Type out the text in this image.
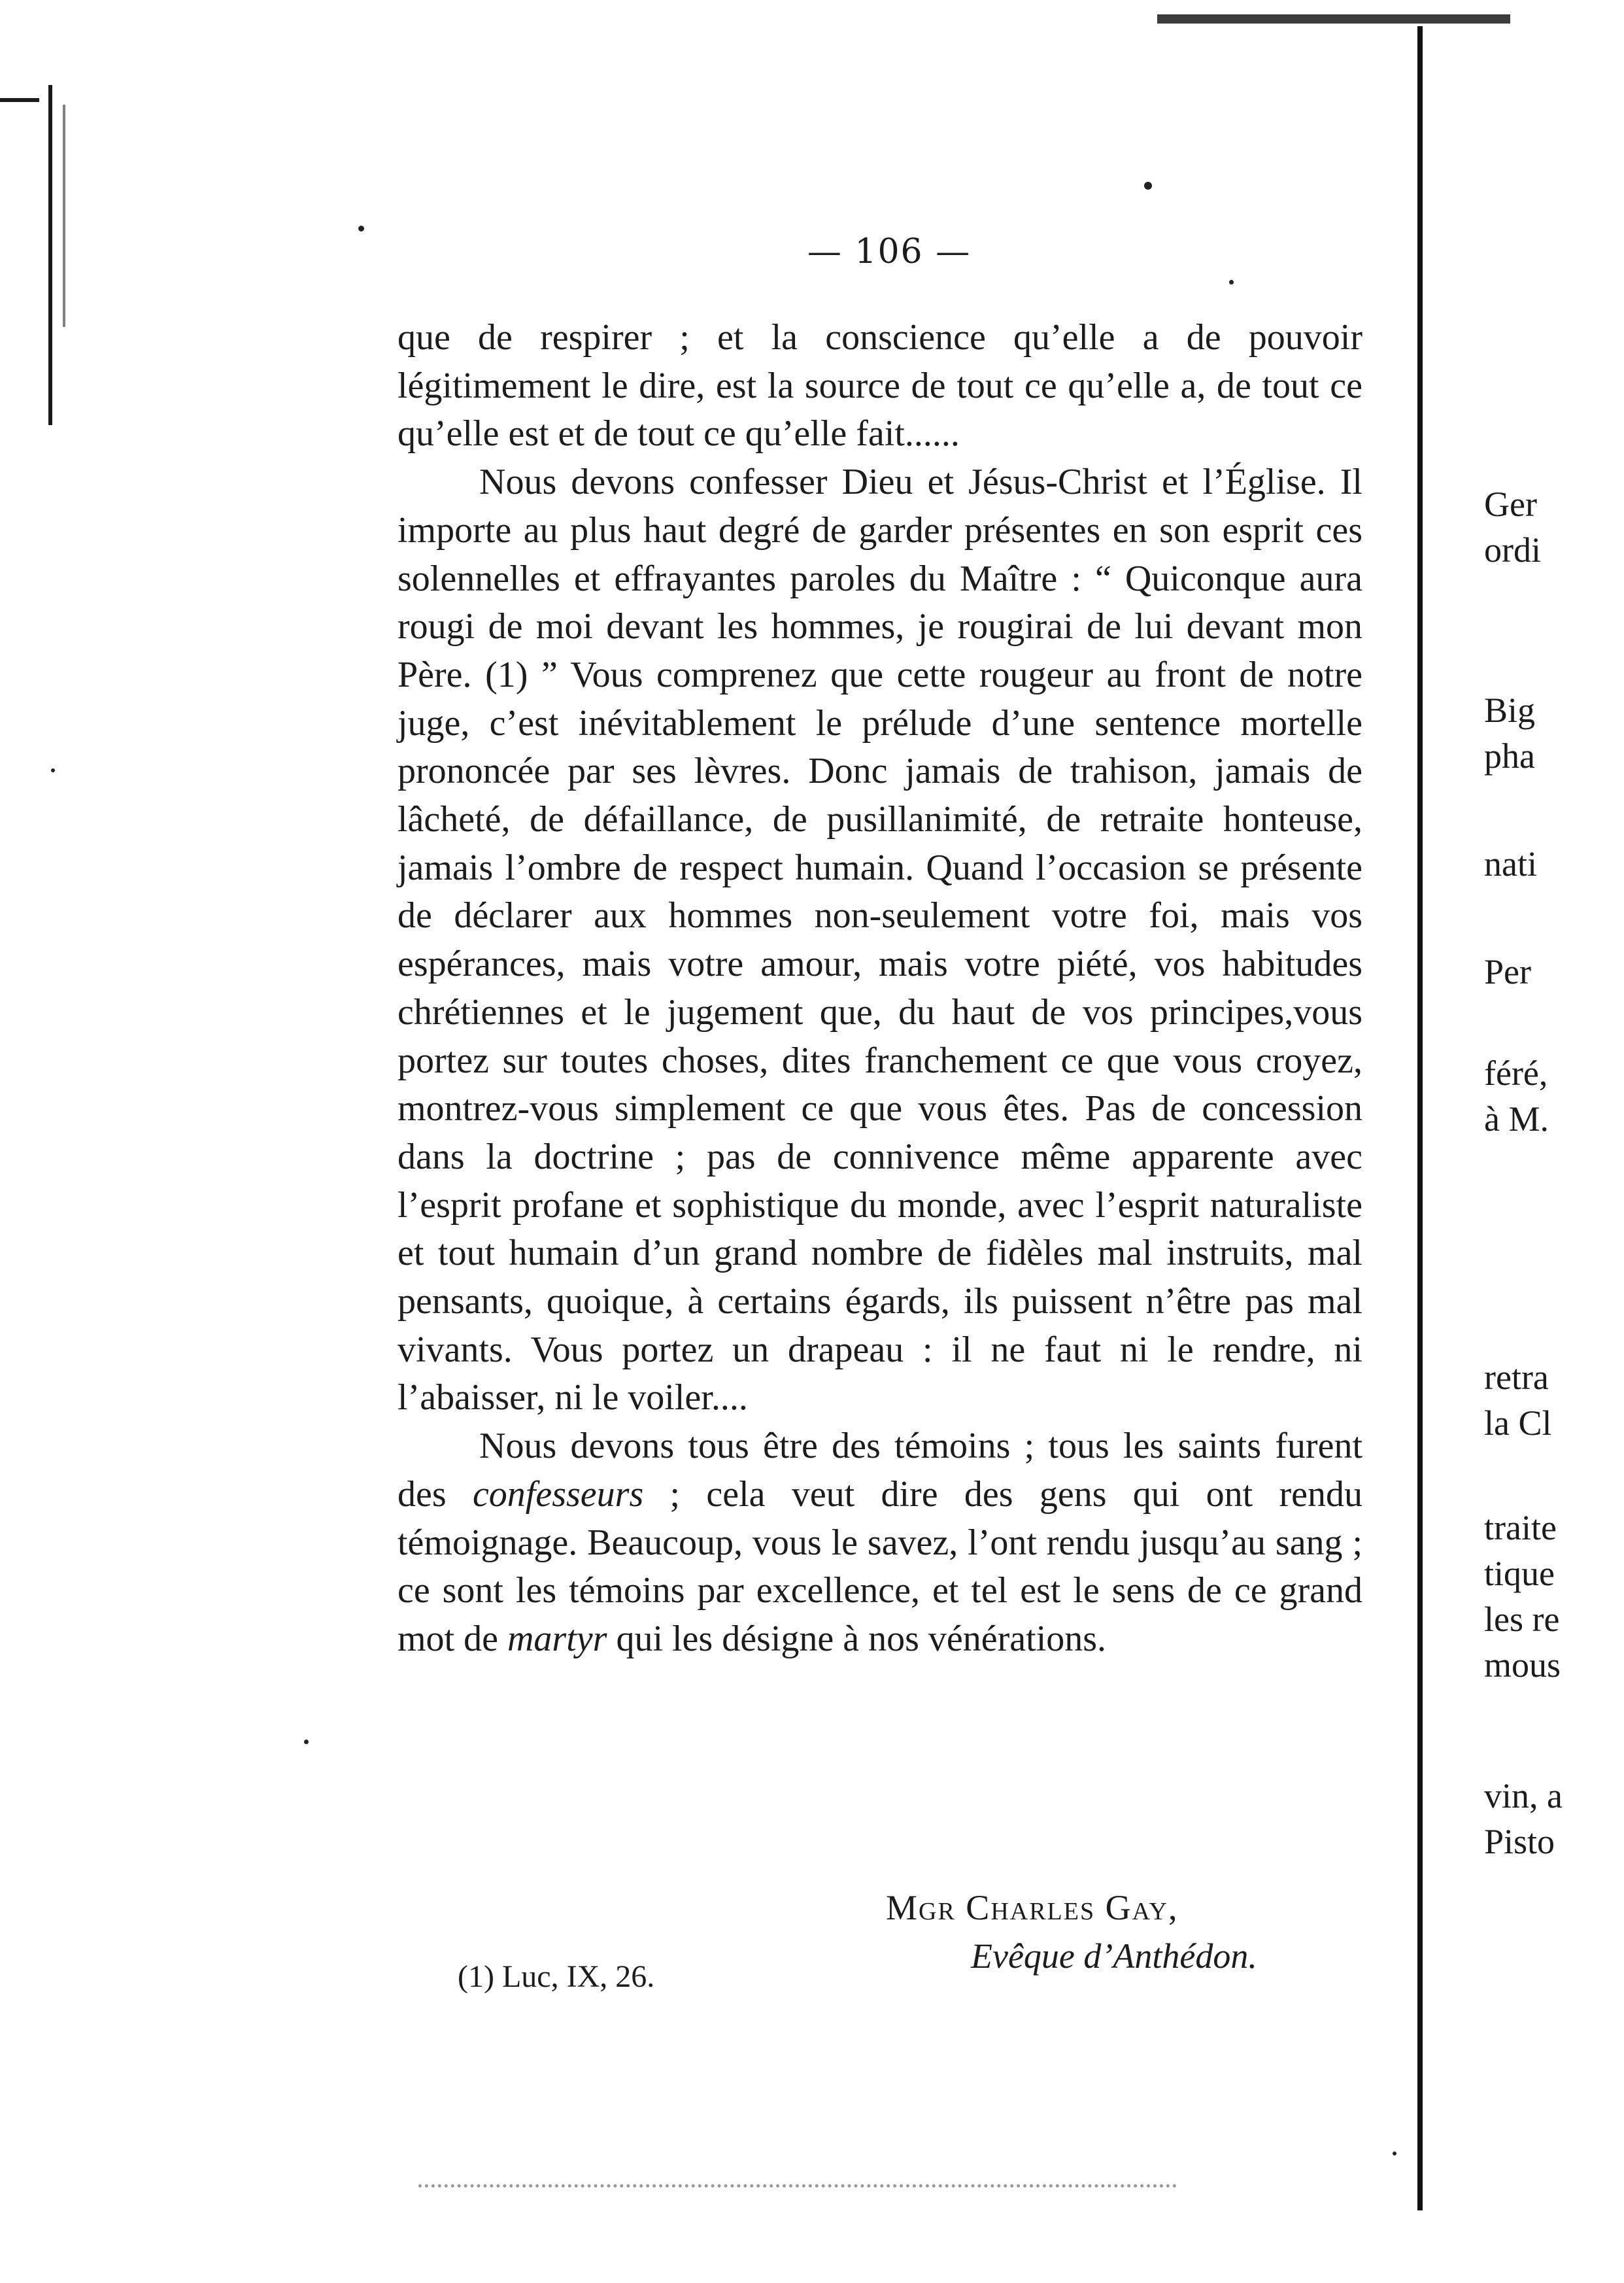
— 106 —

que de respirer ; et la conscience qu’elle a de pouvoir légitimement le dire, est la source de tout ce qu’elle a, de tout ce qu’elle est et de tout ce qu’elle fait......

Nous devons confesser Dieu et Jésus-Christ et l’Église. Il importe au plus haut degré de garder présentes en son esprit ces solennelles et effrayantes paroles du Maître : “ Quiconque aura rougi de moi devant les hommes, je rougirai de lui devant mon Père. (1) ” Vous comprenez que cette rougeur au front de notre juge, c’est inévitablement le prélude d’une sentence mortelle prononcée par ses lèvres. Donc jamais de trahison, jamais de lâcheté, de défaillance, de pusillanimité, de retraite honteuse, jamais l’ombre de respect humain. Quand l’occasion se présente de déclarer aux hommes non-seulement votre foi, mais vos espérances, mais votre amour, mais votre piété, vos habitudes chrétiennes et le jugement que, du haut de vos principes,vous portez sur toutes choses, dites franchement ce que vous croyez, montrez-vous simplement ce que vous êtes. Pas de concession dans la doctrine ; pas de connivence même apparente avec l’esprit profane et sophistique du monde, avec l’esprit naturaliste et tout humain d’un grand nombre de fidèles mal instruits, mal pensants, quoique, à certains égards, ils puissent n’être pas mal vivants. Vous portez un drapeau : il ne faut ni le rendre, ni l’abaisser, ni le voiler....

Nous devons tous être des témoins ; tous les saints furent des confesseurs ; cela veut dire des gens qui ont rendu témoignage. Beaucoup, vous le savez, l’ont rendu jusqu’au sang ; ce sont les témoins par excellence, et tel est le sens de ce grand mot de martyr qui les désigne à nos vénérations.

Mgr Charles Gay,
Evêque d’Anthédon.
(1) Luc, IX, 26.
Ger
ordi
Big
pha
nati
Per
féré,
à M.
retra
la Cl
traite
tique
les re
mous
vin, a
Pisto
